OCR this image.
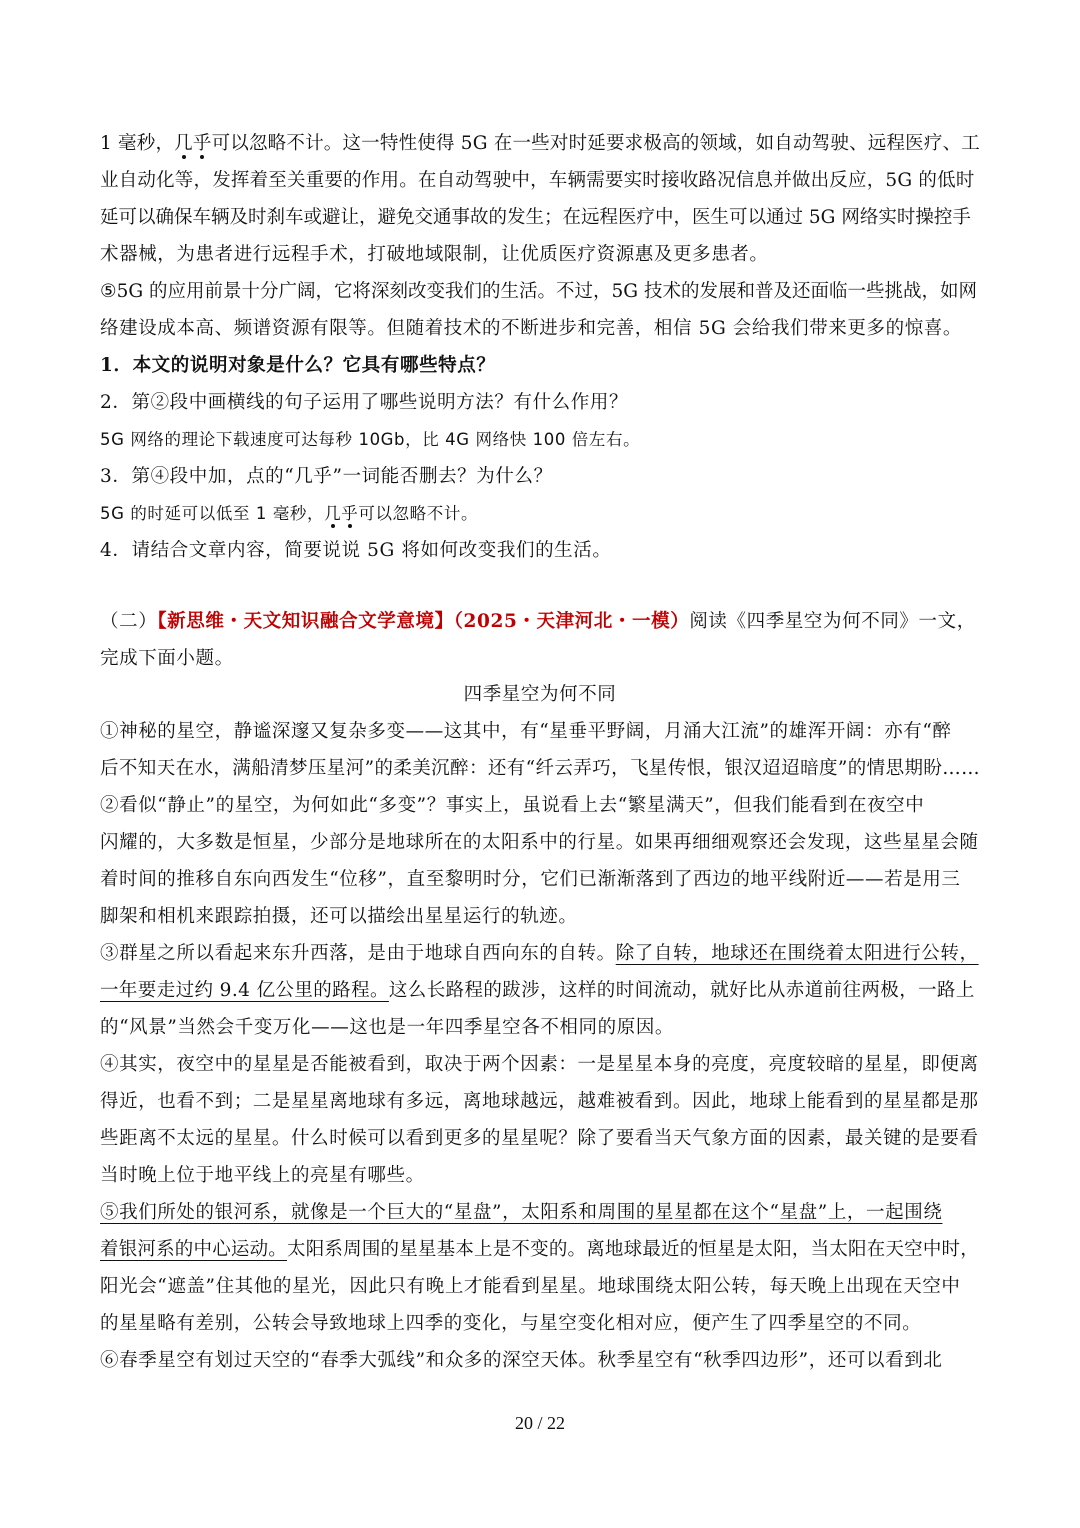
1 毫秒，几乎可以忽略不计。这一特性使得 5G 在一些对时延要求极高的领域，如自动驾驶、远程医疗、工
业自动化等，发挥着至关重要的作用。在自动驾驶中，车辆需要实时接收路况信息并做出反应，5G 的低时
延可以确保车辆及时刹车或避让，避免交通事故的发生；在远程医疗中，医生可以通过 5G 网络实时操控手
术器械，为患者进行远程手术，打破地域限制，让优质医疗资源惠及更多患者。
⑤5G 的应用前景十分广阔，它将深刻改变我们的生活。不过，5G 技术的发展和普及还面临一些挑战，如网
络建设成本高、频谱资源有限等。但随着技术的不断进步和完善，相信 5G 会给我们带来更多的惊喜。
1．本文的说明对象是什么？它具有哪些特点？
2．第②段中画横线的句子运用了哪些说明方法？有什么作用？
5G 网络的理论下载速度可达每秒 10Gb，比 4G 网络快 100 倍左右。
3．第④段中加，点的“几乎”一词能否删去？为什么？
5G 的时延可以低至 1 毫秒，几乎可以忽略不计。
4．请结合文章内容，简要说说 5G 将如何改变我们的生活。
（二）【新思维・天文知识融合文学意境】（2025・天津河北・一模）阅读《四季星空为何不同》一文，
完成下面小题。
四季星空为何不同
①神秘的星空，静谧深邃又复杂多变——这其中，有“星垂平野阔，月涌大江流”的雄浑开阔：亦有“醉
后不知天在水，满船清梦压星河”的柔美沉醉：还有“纤云弄巧，飞星传恨，银汉迢迢暗度”的情思期盼……
②看似“静止”的星空，为何如此“多变”？事实上，虽说看上去“繁星满天”，但我们能看到在夜空中
闪耀的，大多数是恒星，少部分是地球所在的太阳系中的行星。如果再细细观察还会发现，这些星星会随
着时间的推移自东向西发生“位移”，直至黎明时分，它们已渐渐落到了西边的地平线附近——若是用三
脚架和相机来跟踪拍摄，还可以描绘出星星运行的轨迹。
③群星之所以看起来东升西落，是由于地球自西向东的自转。除了自转，地球还在围绕着太阳进行公转，
一年要走过约 9.4 亿公里的路程。这么长路程的跋涉，这样的时间流动，就好比从赤道前往两极，一路上
的“风景”当然会千变万化——这也是一年四季星空各不相同的原因。
④其实，夜空中的星星是否能被看到，取决于两个因素：一是星星本身的亮度，亮度较暗的星星，即便离
得近，也看不到；二是星星离地球有多远，离地球越远，越难被看到。因此，地球上能看到的星星都是那
些距离不太远的星星。什么时候可以看到更多的星星呢？除了要看当天气象方面的因素，最关键的是要看
当时晚上位于地平线上的亮星有哪些。
⑤我们所处的银河系，就像是一个巨大的“星盘”，太阳系和周围的星星都在这个“星盘”上，一起围绕
着银河系的中心运动。太阳系周围的星星基本上是不变的。离地球最近的恒星是太阳，当太阳在天空中时，
阳光会“遮盖”住其他的星光，因此只有晚上才能看到星星。地球围绕太阳公转，每天晚上出现在天空中
的星星略有差别，公转会导致地球上四季的变化，与星空变化相对应，便产生了四季星空的不同。
⑥春季星空有划过天空的“春季大弧线”和众多的深空天体。秋季星空有“秋季四边形”，还可以看到北
20 / 22
